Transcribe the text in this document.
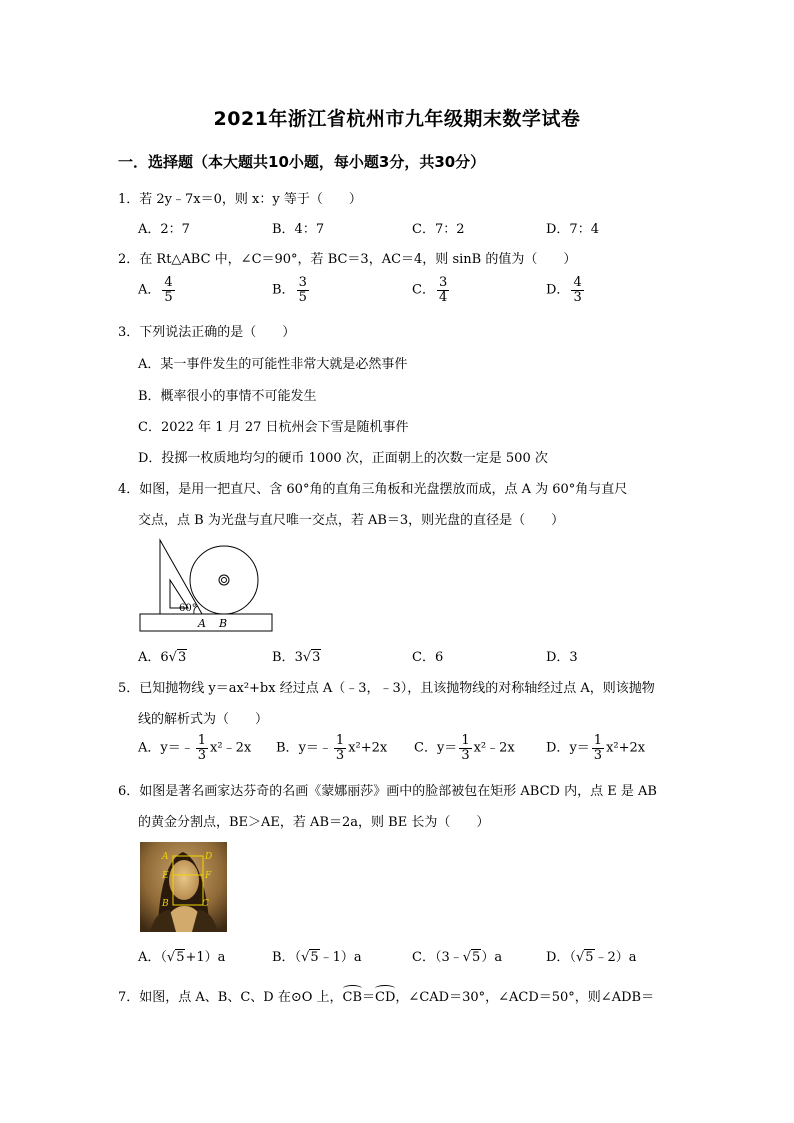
2021年浙江省杭州市九年级期末数学试卷
一．选择题（本大题共10小题，每小题3分，共30分）
1．若 2y﹣7x＝0，则 x：y 等于（　　）
A．2：7	B．4：7	C．7：2	D．7：4
2．在 Rt△ABC 中，∠C＝90°，若 BC＝3，AC＝4，则 sinB 的值为（　　）
A． $\frac{4}{5}$	B． $\frac{3}{5}$	C． $\frac{3}{4}$	D． $\frac{4}{3}$
3．下列说法正确的是（　　）
A．某一事件发生的可能性非常大就是必然事件
B．概率很小的事情不可能发生
C．2022 年 1 月 27 日杭州会下雪是随机事件
D．投掷一枚质地均匀的硬币 1000 次，正面朝上的次数一定是 500 次
4．如图，是用一把直尺、含 60°角的直角三角板和光盘摆放而成，点 A 为 60°角与直尺
交点，点 B 为光盘与直尺唯一交点，若 AB＝3，则光盘的直径是（　　）
60°
A B
A．6√3	B．3√3	C．6	D．3
5．已知抛物线 y＝ax²+bx 经过点 A（﹣3，﹣3），且该抛物线的对称轴经过点 A，则该抛物
线的解析式为（　　）
A．y＝﹣ $\frac{1}{3}$ x²﹣2x B．y＝﹣ $\frac{1}{3} x^2+2x$ C．$y= \frac{1}{3}$ x²﹣2x D．$y= \frac{1}{3} x^2+2x$
6．如图是著名画家达芬奇的名画《蒙娜丽莎》画中的脸部被包在矩形 ABCD 内，点 E 是 AB
的黄金分割点，BE＞AE，若 AB＝2a，则 BE 长为（　　）
A	D
E	F
B	C
A．（√5+1）a	B．（√5﹣1）a	C．（3﹣√5）a	D．（√5﹣2）a
7．如图，点 A、B、C、D 在⊙O 上，CB＝CD，∠CAD＝30°，∠ACD＝50°，则∠ADB＝
